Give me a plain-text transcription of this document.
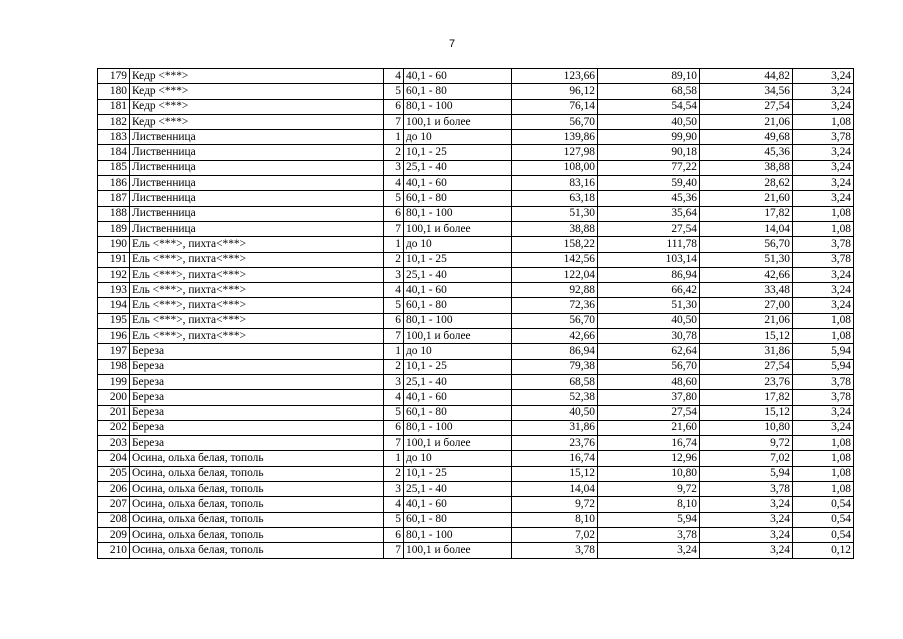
7
179	Кедр <***>	4	40,1 - 60	123,66	89,10	44,82	3,24
180	Кедр <***>	5	60,1 - 80	96,12	68,58	34,56	3,24
181	Кедр <***>	6	80,1 - 100	76,14	54,54	27,54	3,24
182	Кедр <***>	7	100,1 и более	56,70	40,50	21,06	1,08
183	Лиственница	1	до 10	139,86	99,90	49,68	3,78
184	Лиственница	2	10,1 - 25	127,98	90,18	45,36	3,24
185	Лиственница	3	25,1 - 40	108,00	77,22	38,88	3,24
186	Лиственница	4	40,1 - 60	83,16	59,40	28,62	3,24
187	Лиственница	5	60,1 - 80	63,18	45,36	21,60	3,24
188	Лиственница	6	80,1 - 100	51,30	35,64	17,82	1,08
189	Лиственница	7	100,1 и более	38,88	27,54	14,04	1,08
190	Ель <***>, пихта<***>	1	до 10	158,22	111,78	56,70	3,78
191	Ель <***>, пихта<***>	2	10,1 - 25	142,56	103,14	51,30	3,78
192	Ель <***>, пихта<***>	3	25,1 - 40	122,04	86,94	42,66	3,24
193	Ель <***>, пихта<***>	4	40,1 - 60	92,88	66,42	33,48	3,24
194	Ель <***>, пихта<***>	5	60,1 - 80	72,36	51,30	27,00	3,24
195	Ель <***>, пихта<***>	6	80,1 - 100	56,70	40,50	21,06	1,08
196	Ель <***>, пихта<***>	7	100,1 и более	42,66	30,78	15,12	1,08
197	Береза	1	до 10	86,94	62,64	31,86	5,94
198	Береза	2	10,1 - 25	79,38	56,70	27,54	5,94
199	Береза	3	25,1 - 40	68,58	48,60	23,76	3,78
200	Береза	4	40,1 - 60	52,38	37,80	17,82	3,78
201	Береза	5	60,1 - 80	40,50	27,54	15,12	3,24
202	Береза	6	80,1 - 100	31,86	21,60	10,80	3,24
203	Береза	7	100,1 и более	23,76	16,74	9,72	1,08
204	Осина, ольха белая, тополь	1	до 10	16,74	12,96	7,02	1,08
205	Осина, ольха белая, тополь	2	10,1 - 25	15,12	10,80	5,94	1,08
206	Осина, ольха белая, тополь	3	25,1 - 40	14,04	9,72	3,78	1,08
207	Осина, ольха белая, тополь	4	40,1 - 60	9,72	8,10	3,24	0,54
208	Осина, ольха белая, тополь	5	60,1 - 80	8,10	5,94	3,24	0,54
209	Осина, ольха белая, тополь	6	80,1 - 100	7,02	3,78	3,24	0,54
210	Осина, ольха белая, тополь	7	100,1 и более	3,78	3,24	3,24	0,12
